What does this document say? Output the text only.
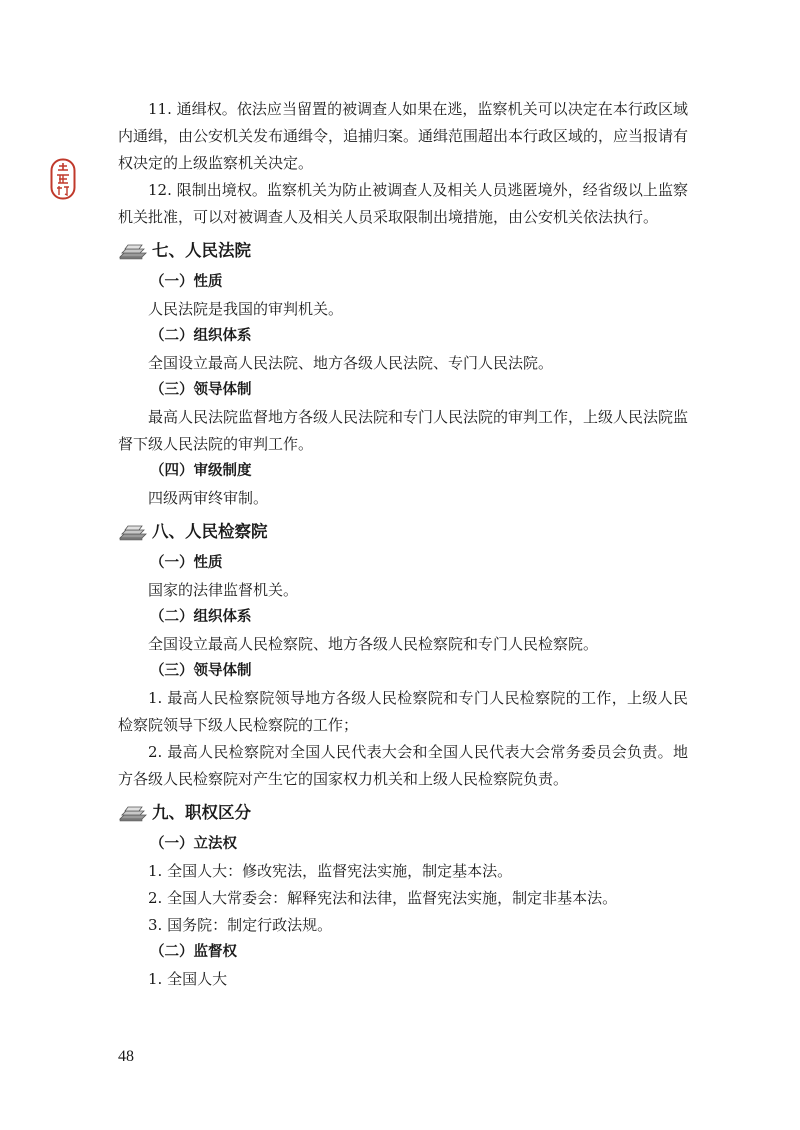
11. 通缉权。依法应当留置的被调查人如果在逃，监察机关可以决定在本行政区域内通缉，由公安机关发布通缉令，追捕归案。通缉范围超出本行政区域的，应当报请有权决定的上级监察机关决定。

12. 限制出境权。监察机关为防止被调查人及相关人员逃匿境外，经省级以上监察机关批准，可以对被调查人及相关人员采取限制出境措施，由公安机关依法执行。

七、人民法院

（一）性质

人民法院是我国的审判机关。

（二）组织体系

全国设立最高人民法院、地方各级人民法院、专门人民法院。

（三）领导体制

最高人民法院监督地方各级人民法院和专门人民法院的审判工作，上级人民法院监督下级人民法院的审判工作。

（四）审级制度

四级两审终审制。

八、人民检察院

（一）性质

国家的法律监督机关。

（二）组织体系

全国设立最高人民检察院、地方各级人民检察院和专门人民检察院。

（三）领导体制

1. 最高人民检察院领导地方各级人民检察院和专门人民检察院的工作，上级人民检察院领导下级人民检察院的工作；

2. 最高人民检察院对全国人民代表大会和全国人民代表大会常务委员会负责。地方各级人民检察院对产生它的国家权力机关和上级人民检察院负责。

九、职权区分

（一）立法权

1. 全国人大：修改宪法，监督宪法实施，制定基本法。

2. 全国人大常委会：解释宪法和法律，监督宪法实施，制定非基本法。

3. 国务院：制定行政法规。

（二）监督权

1. 全国人大

48
